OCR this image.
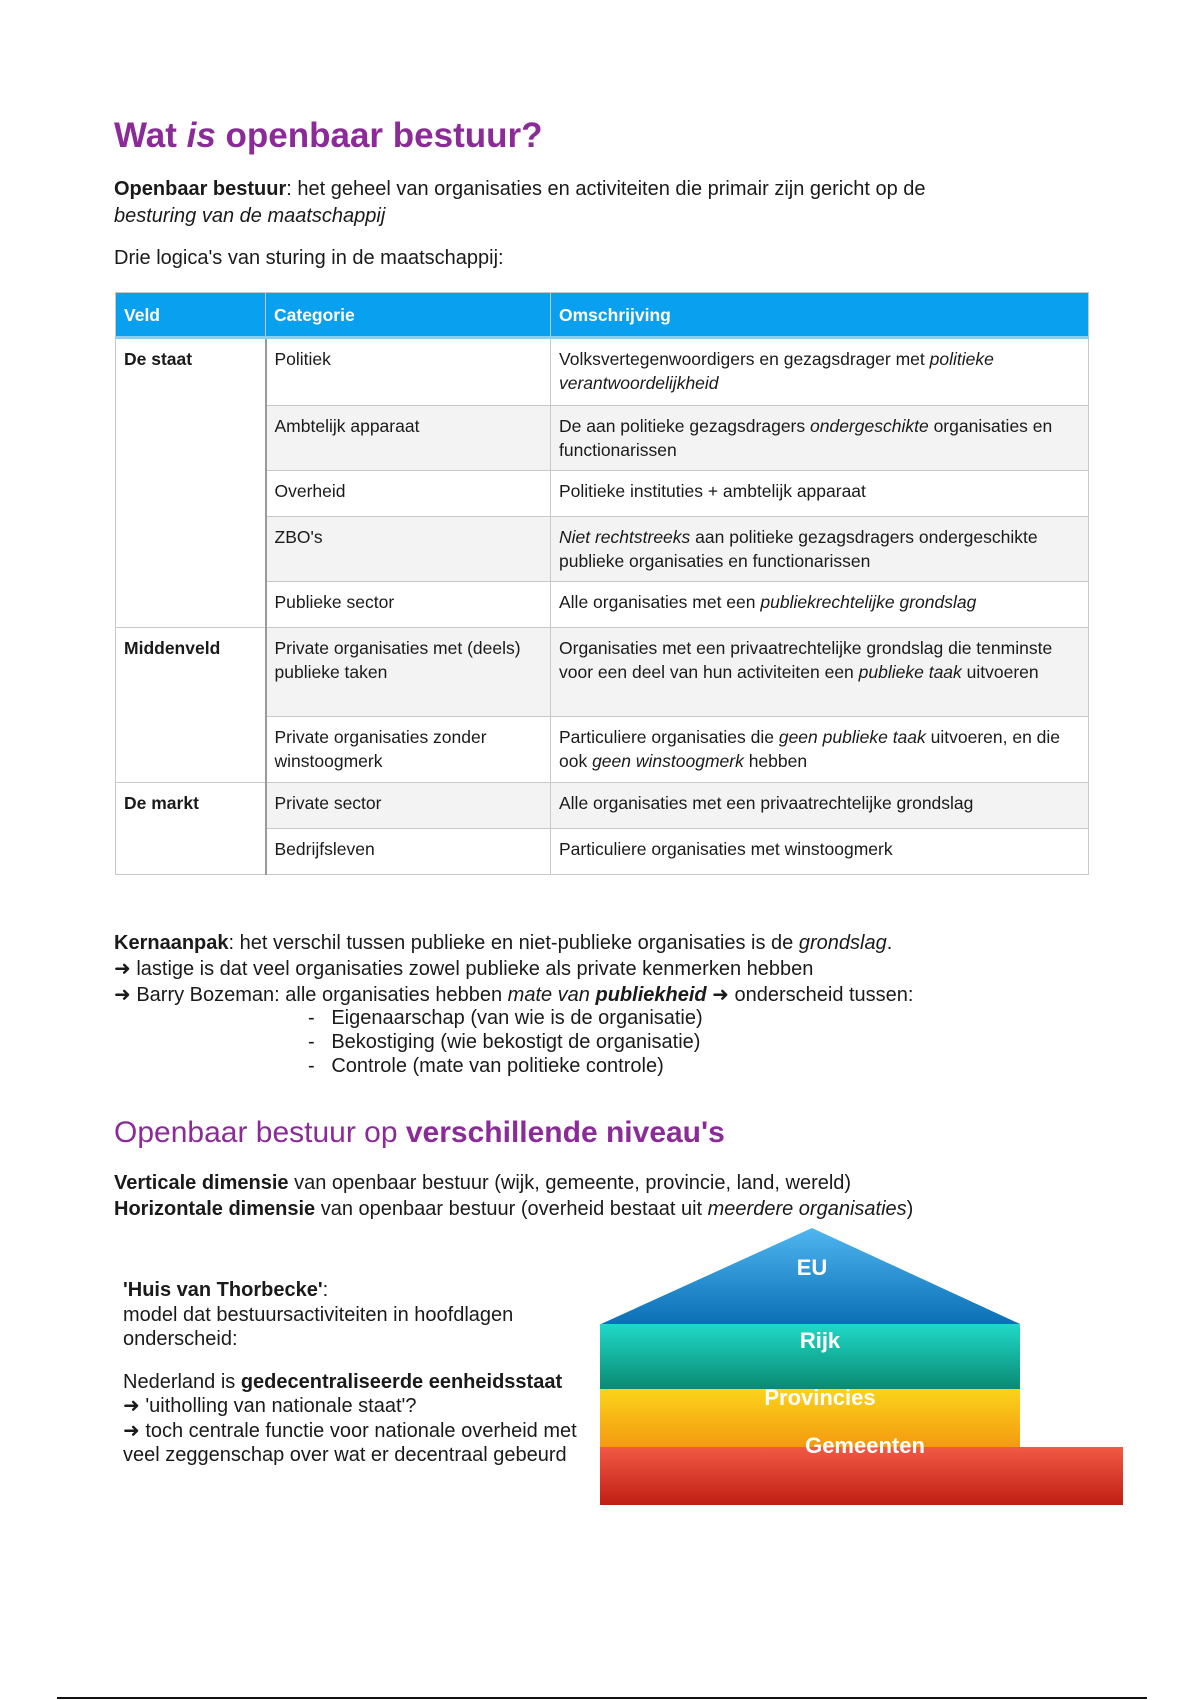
Wat is openbaar bestuur?
Openbaar bestuur: het geheel van organisaties en activiteiten die primair zijn gericht op de
besturing van de maatschappij
Drie logica's van sturing in de maatschappij:
Veld	Categorie	Omschrijving
De staat	Politiek	Volksvertegenwoordigers en gezagsdrager met politieke verantwoordelijkheid
	Ambtelijk apparaat	De aan politieke gezagsdragers ondergeschikte organisaties en functionarissen
	Overheid	Politieke instituties + ambtelijk apparaat
	ZBO's	Niet rechtstreeks aan politieke gezagsdragers ondergeschikte publieke organisaties en functionarissen
	Publieke sector	Alle organisaties met een publiekrechtelijke grondslag
Middenveld	Private organisaties met (deels) publieke taken	Organisaties met een privaatrechtelijke grondslag die tenminste voor een deel van hun activiteiten een publieke taak uitvoeren
	Private organisaties zonder winstoogmerk	Particuliere organisaties die geen publieke taak uitvoeren, en die ook geen winstoogmerk hebben
De markt	Private sector	Alle organisaties met een privaatrechtelijke grondslag
	Bedrijfsleven	Particuliere organisaties met winstoogmerk
Kernaanpak: het verschil tussen publieke en niet-publieke organisaties is de grondslag.
➜ lastige is dat veel organisaties zowel publieke als private kenmerken hebben
➜ Barry Bozeman: alle organisaties hebben mate van publiekheid ➜ onderscheid tussen:
-   Eigenaarschap (van wie is de organisatie)
-   Bekostiging (wie bekostigt de organisatie)
-   Controle (mate van politieke controle)
Openbaar bestuur op verschillende niveau's
Verticale dimensie van openbaar bestuur (wijk, gemeente, provincie, land, wereld)
Horizontale dimensie van openbaar bestuur (overheid bestaat uit meerdere organisaties)
'Huis van Thorbecke':
model dat bestuursactiviteiten in hoofdlagen onderscheid:
Nederland is gedecentraliseerde eenheidsstaat
➜ 'uitholling van nationale staat'?
➜ toch centrale functie voor nationale overheid met veel zeggenschap over wat er decentraal gebeurd
EU
Rijk
Provincies
Gemeenten
